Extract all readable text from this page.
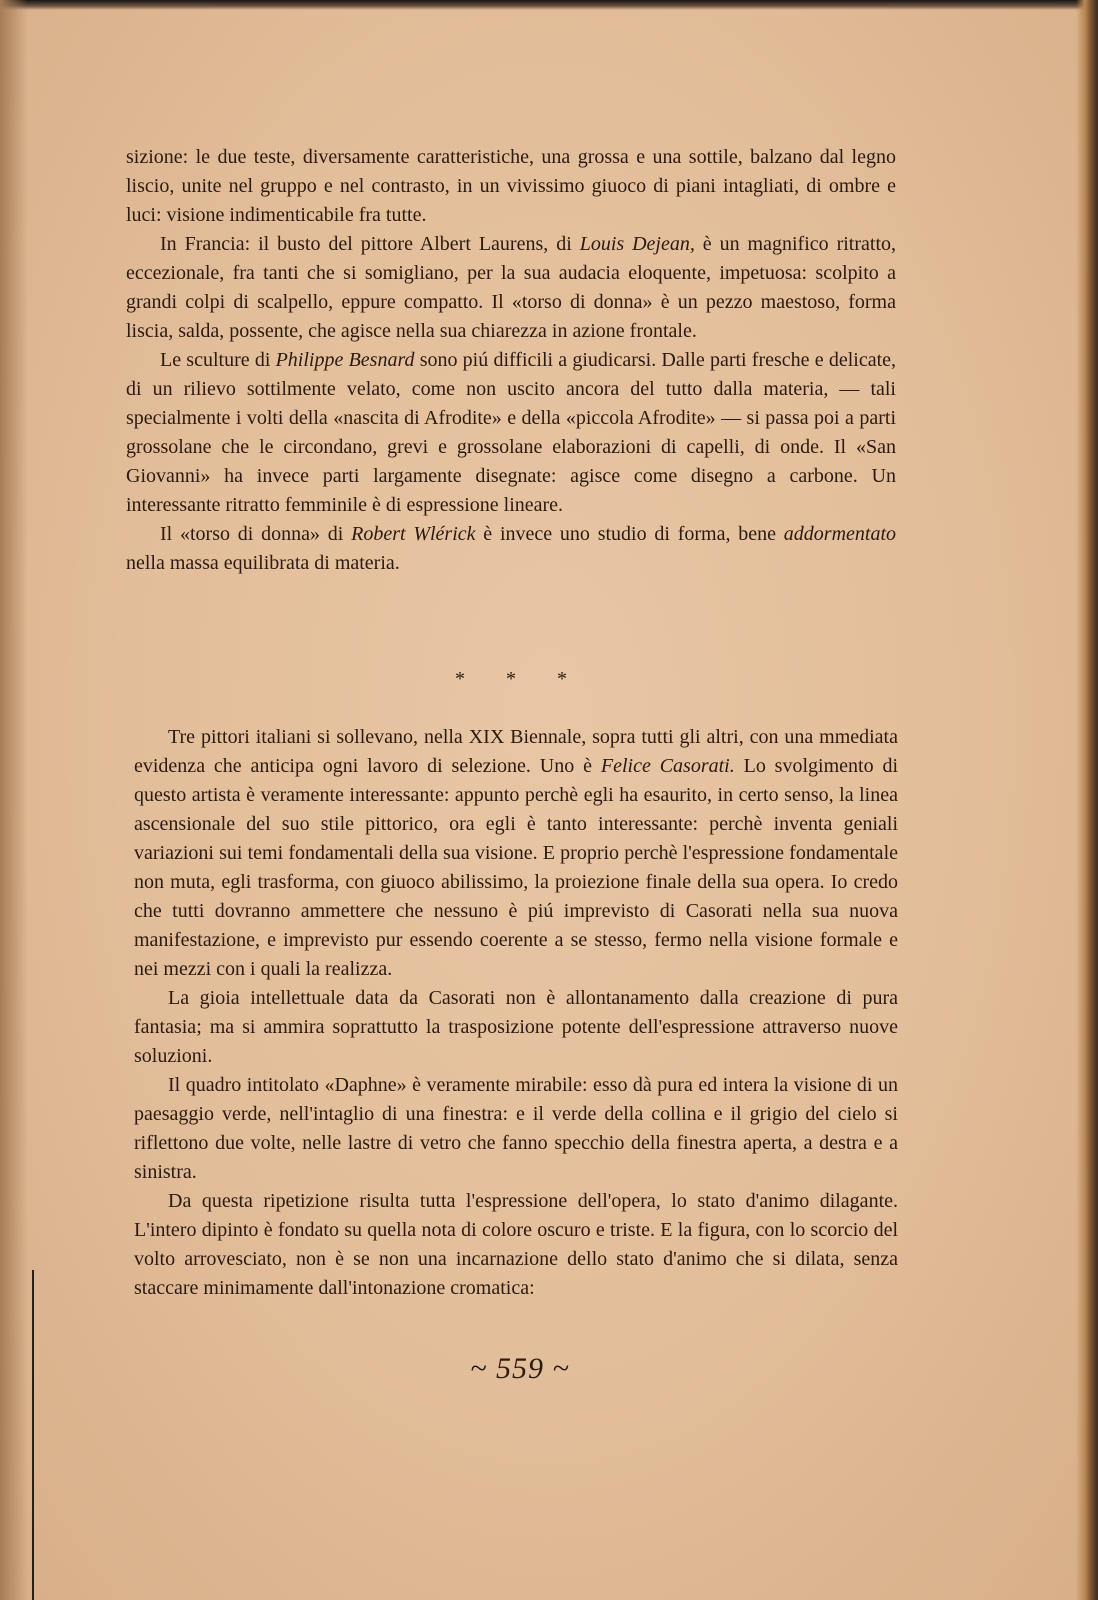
sizione: le due teste, diversamente caratteristiche, una grossa e una sottile, balzano dal legno liscio, unite nel gruppo e nel contrasto, in un vivissimo giuoco di piani intagliati, di ombre e luci: visione indimenticabile fra tutte.

In Francia: il busto del pittore Albert Laurens, di Louis Dejean, è un magnifico ritratto, eccezionale, fra tanti che si somigliano, per la sua audacia eloquente, impetuosa: scolpito a grandi colpi di scalpello, eppure compatto. Il «torso di donna» è un pezzo maestoso, forma liscia, salda, possente, che agisce nella sua chiarezza in azione frontale.

Le sculture di Philippe Besnard sono piú difficili a giudicarsi. Dalle parti fresche e delicate, di un rilievo sottilmente velato, come non uscito ancora del tutto dalla materia, — tali specialmente i volti della «nascita di Afrodite» e della «piccola Afrodite» — si passa poi a parti grossolane che le circondano, grevi e grossolane elaborazioni di capelli, di onde. Il «San Giovanni» ha invece parti largamente disegnate: agisce come disegno a carbone. Un interessante ritratto femminile è di espressione lineare.

Il «torso di donna» di Robert Wlérick è invece uno studio di forma, bene addormentato nella massa equilibrata di materia.

* * *

Tre pittori italiani si sollevano, nella XIX Biennale, sopra tutti gli altri, con una mmediata evidenza che anticipa ogni lavoro di selezione. Uno è Felice Casorati. Lo svolgimento di questo artista è veramente interessante: appunto perchè egli ha esaurito, in certo senso, la linea ascensionale del suo stile pittorico, ora egli è tanto interessante: perchè inventa geniali variazioni sui temi fondamentali della sua visione. E proprio perchè l'espressione fondamentale non muta, egli trasforma, con giuoco abilissimo, la proiezione finale della sua opera. Io credo che tutti dovranno ammettere che nessuno è piú imprevisto di Casorati nella sua nuova manifestazione, e imprevisto pur essendo coerente a se stesso, fermo nella visione formale e nei mezzi con i quali la realizza.

La gioia intellettuale data da Casorati non è allontanamento dalla creazione di pura fantasia; ma si ammira soprattutto la trasposizione potente dell'espressione attraverso nuove soluzioni.

Il quadro intitolato «Daphne» è veramente mirabile: esso dà pura ed intera la visione di un paesaggio verde, nell'intaglio di una finestra: e il verde della collina e il grigio del cielo si riflettono due volte, nelle lastre di vetro che fanno specchio della finestra aperta, a destra e a sinistra.

Da questa ripetizione risulta tutta l'espressione dell'opera, lo stato d'animo dilagante. L'intero dipinto è fondato su quella nota di colore oscuro e triste. E la figura, con lo scorcio del volto arrovesciato, non è se non una incarnazione dello stato d'animo che si dilata, senza staccare minimamente dall'intonazione cromatica:

~ 559 ~
